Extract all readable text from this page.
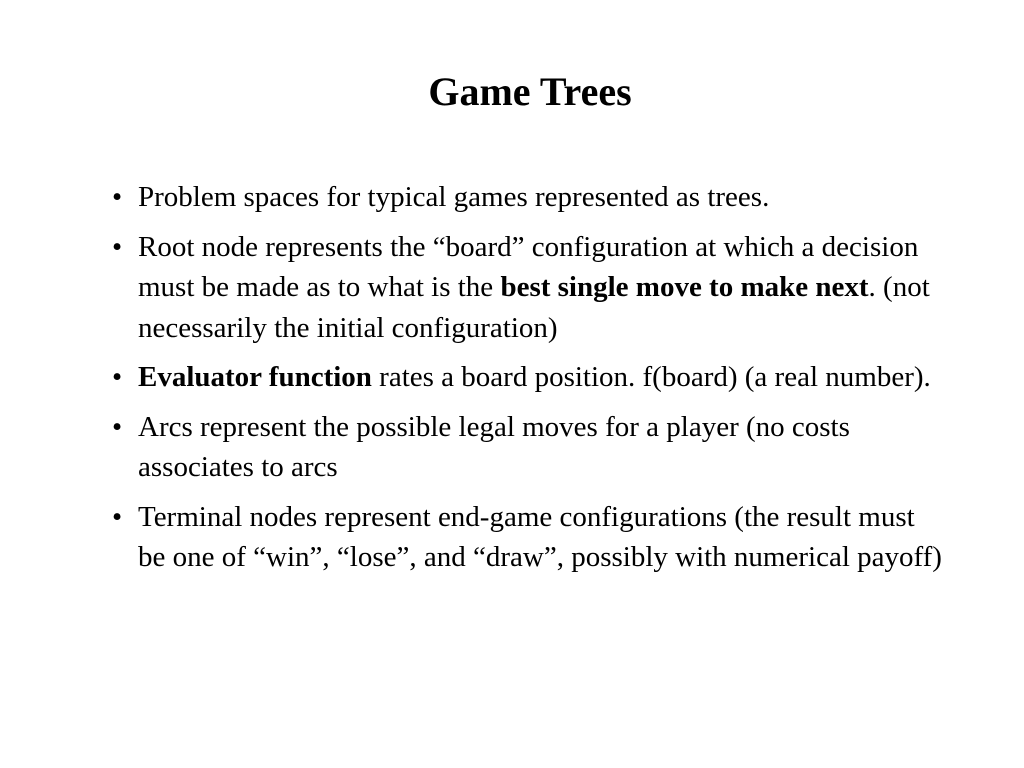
Game Trees
• Problem spaces for typical games represented as trees.
• Root node represents the “board” configuration at which a decision must be made as to what is the best single move to make next. (not necessarily the initial configuration)
• Evaluator function rates a board position. f(board) (a real number).
• Arcs represent the possible legal moves for a player (no costs associates to arcs
• Terminal nodes represent end-game configurations (the result must be one of “win”, “lose”, and “draw”, possibly with numerical payoff)
